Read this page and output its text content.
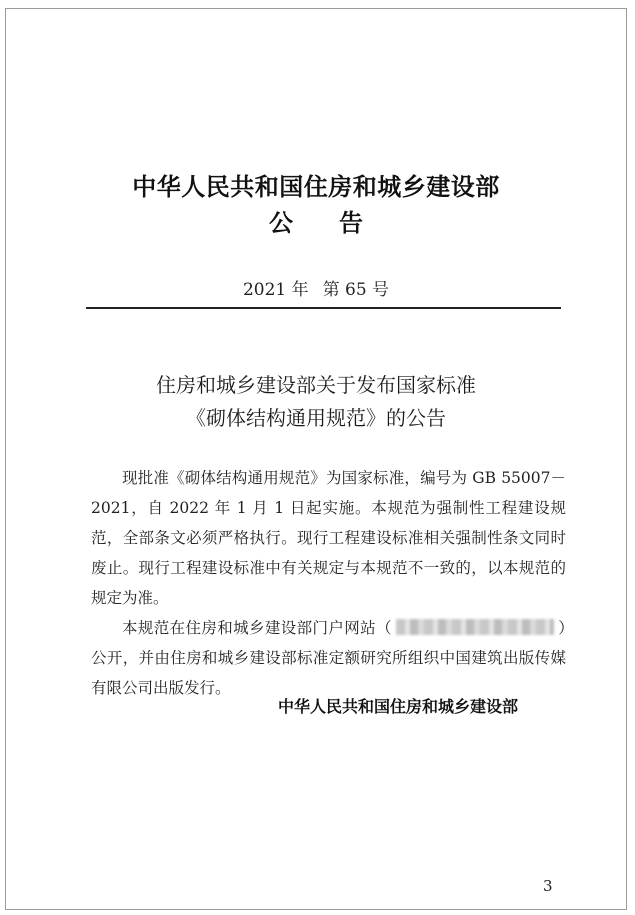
中华人民共和国住房和城乡建设部
公 告
2021 年 第 65 号
住房和城乡建设部关于发布国家标准
《砌体结构通用规范》的公告

现批准《砌体结构通用规范》为国家标准，编号为 GB 55007－2021，自 2022 年 1 月 1 日起实施。本规范为强制性工程建设规范，全部条文必须严格执行。现行工程建设标准相关强制性条文同时废止。现行工程建设标准中有关规定与本规范不一致的，以本规范的规定为准。

本规范在住房和城乡建设部门户网站（	）公开，并由住房和城乡建设部标准定额研究所组织中国建筑出版传媒有限公司出版发行。

中华人民共和国住房和城乡建设部
3
